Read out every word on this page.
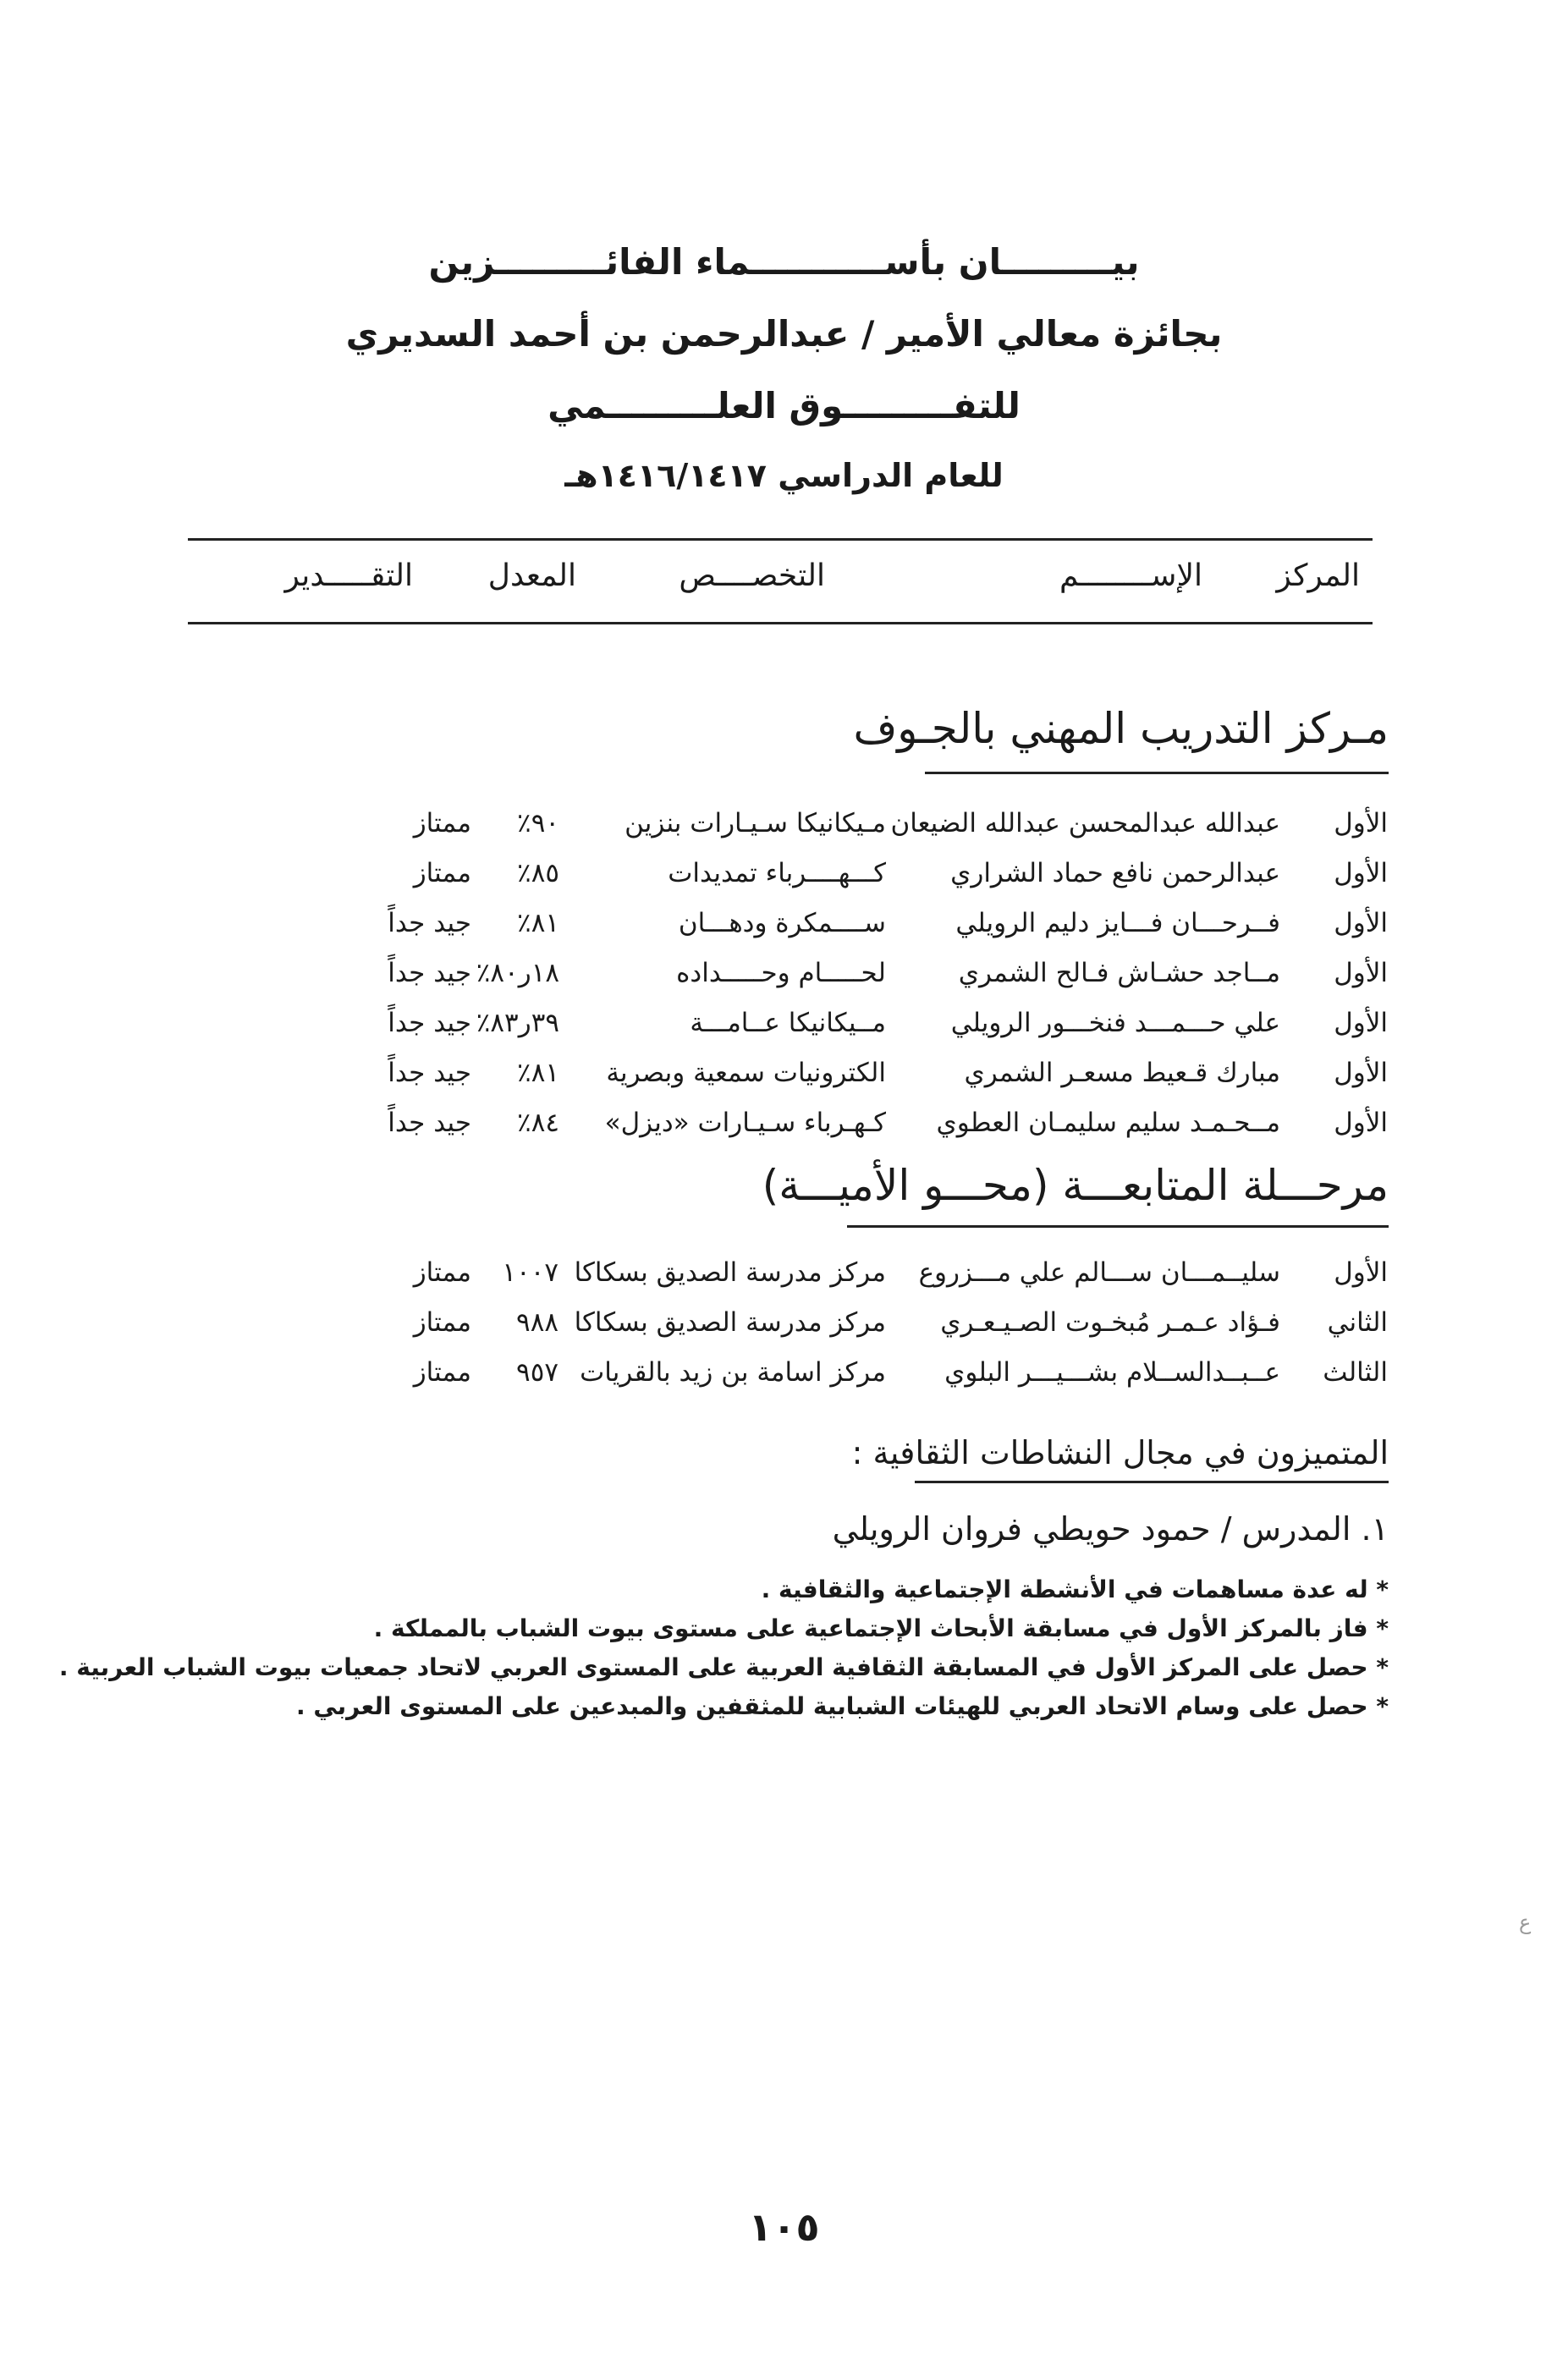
بيـــــــــان بأســـــــــــماء الفائـــــــــزين
بجائزة معالي الأمير / عبدالرحمن بن أحمد السديري
للتفـــــــــوق العلـــــــــمي
للعام الدراسي ١٤١٦/١٤١٧هـ
المركز
الإســــــــم
التخصــــص
المعدل
التقـــــدير
مـركز التدريب المهني بالجـوف
الأول
عبدالله عبدالمحسن عبدالله الضيعان
مـيكانيكا سـيـارات بنزين
٩٠٪
ممتاز
الأول
عبدالرحمن نافع حماد الشراري
كـــهــــرباء تمديدات
٨٥٪
ممتاز
الأول
فــرحـــان فـــايز دليم الرويلي
ســــمكرة ودهـــان
٨١٪
جيد جداً
الأول
مــاجد حشـاش فـالح الشمري
لحـــــام وحـــــداده
١٨ر٨٠٪
جيد جداً
الأول
علي حـــمـــد فنخـــور الرويلي
مــيكانيكا عــامـــة
٣٩ر٨٣٪
جيد جداً
الأول
مبارك قـعيط مسعـر الشمري
الكترونيات سمعية وبصرية
٨١٪
جيد جداً
الأول
مــحـمـد سليم سليمـان العطوي
كـهـرباء سـيـارات «ديزل»
٨٤٪
جيد جداً
مرحـــلة المتابعـــة (محـــو الأميـــة)
الأول
سليــمـــان ســـالم علي مـــزروع
مركز مدرسة الصديق بسكاكا
١٠٠٧
ممتاز
الثاني
فـؤاد عـمـر مُبخـوت الصـيـعـري
مركز مدرسة الصديق بسكاكا
٩٨٨
ممتاز
الثالث
عــبــدالســلام بشـــيـــر البلوي
مركز اسامة بن زيد بالقريات
٩٥٧
ممتاز
المتميزون في مجال النشاطات الثقافية :
١. المدرس / حمود حويطي فروان الرويلي
* له عدة مساهمات في الأنشطة الإجتماعية والثقافية .
* فاز بالمركز الأول في مسابقة الأبحاث الإجتماعية على مستوى بيوت الشباب بالمملكة .
* حصل على المركز الأول في المسابقة الثقافية العربية على المستوى العربي لاتحاد جمعيات بيوت الشباب العربية .
* حصل على وسام الاتحاد العربي للهيئات الشبابية للمثقفين والمبدعين على المستوى العربي .
ع
١٠٥
